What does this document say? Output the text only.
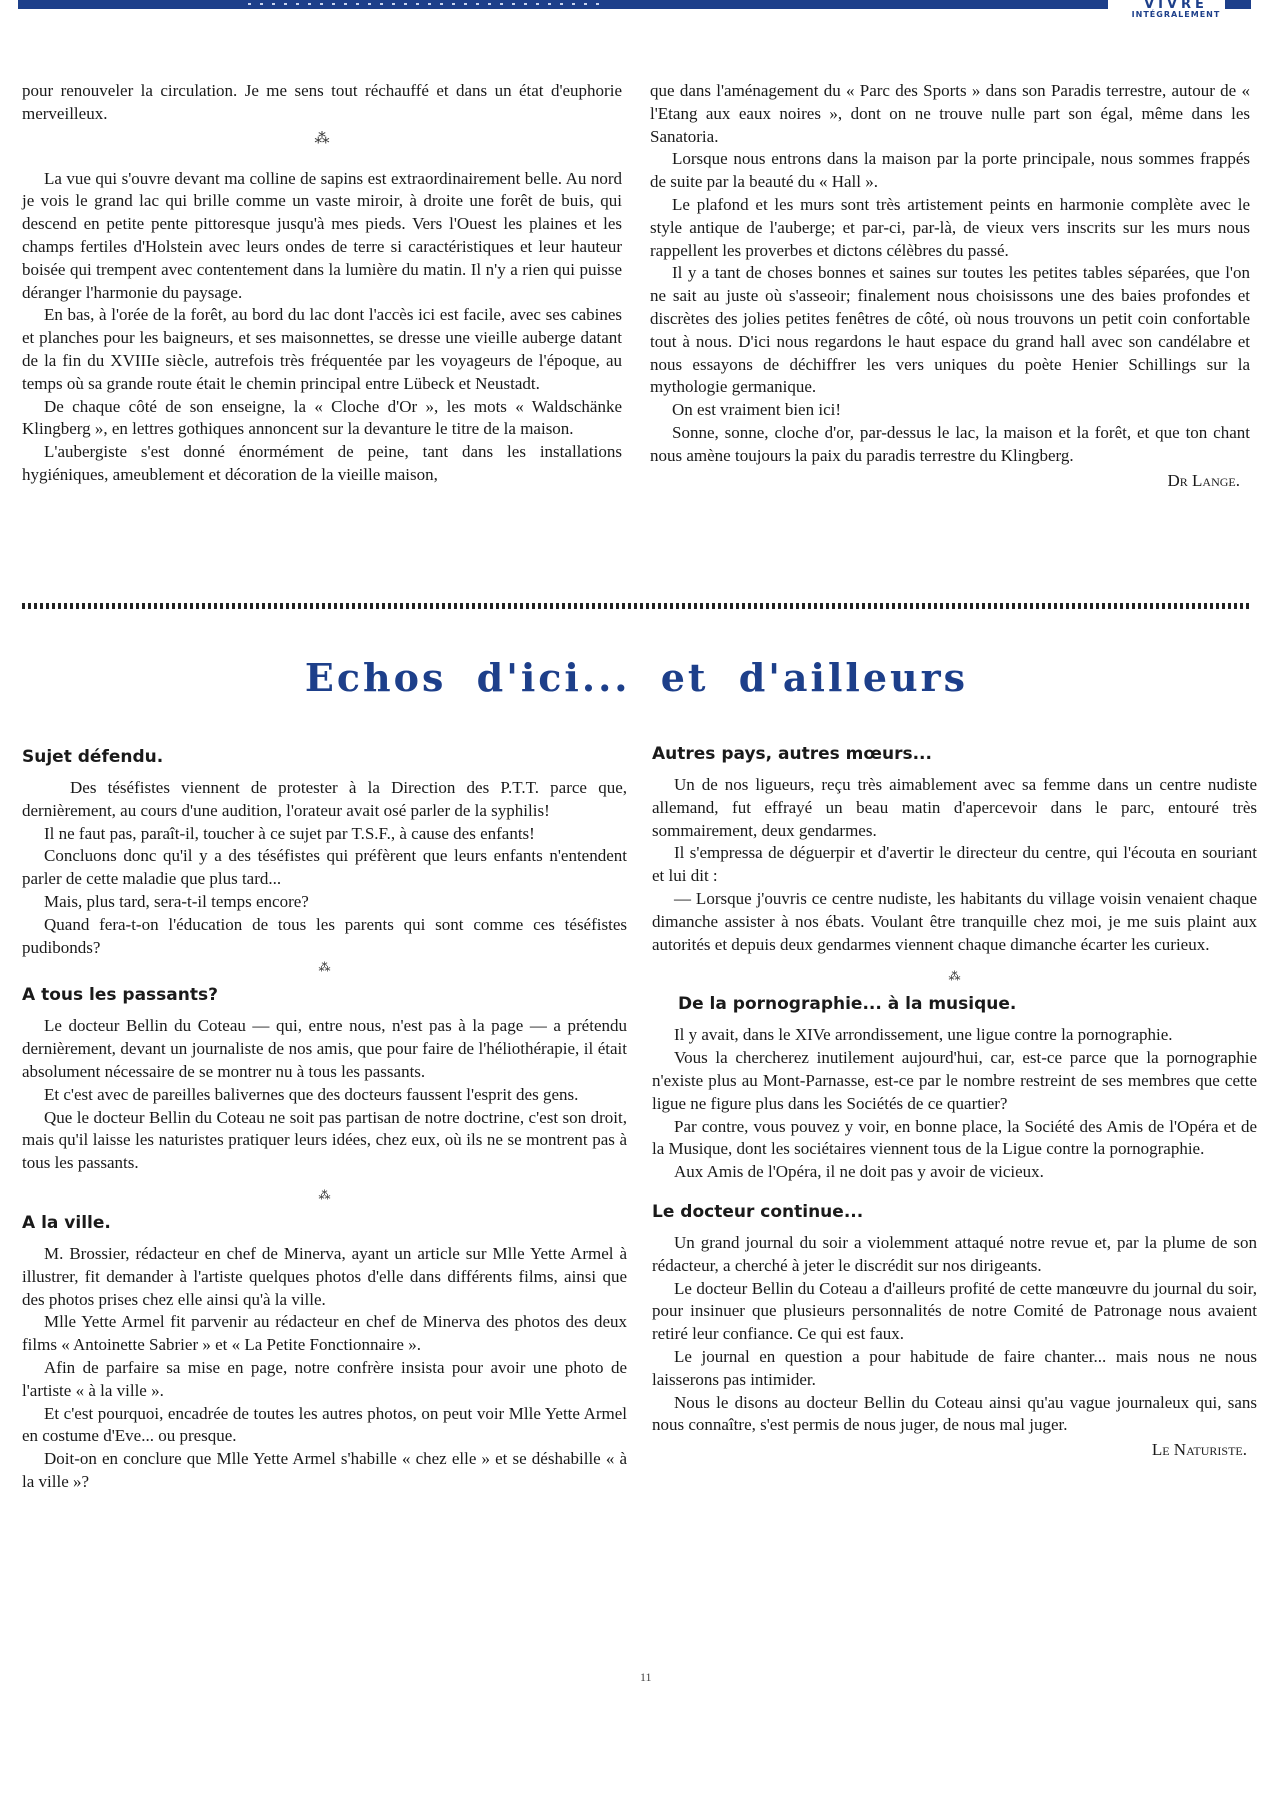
VIVRE
INTÉGRALEMENT

pour renouveler la circulation. Je me sens tout réchauffé et dans un état d'euphorie merveilleux.

⁂

La vue qui s'ouvre devant ma colline de sapins est extraordinairement belle. Au nord je vois le grand lac qui brille comme un vaste miroir, à droite une forêt de buis, qui descend en petite pente pittoresque jusqu'à mes pieds. Vers l'Ouest les plaines et les champs fertiles d'Holstein avec leurs ondes de terre si caractéristiques et leur hauteur boisée qui trempent avec contentement dans la lumière du matin. Il n'y a rien qui puisse déranger l'harmonie du paysage.

En bas, à l'orée de la forêt, au bord du lac dont l'accès ici est facile, avec ses cabines et planches pour les baigneurs, et ses maisonnettes, se dresse une vieille auberge datant de la fin du XVIIIe siècle, autrefois très fréquentée par les voyageurs de l'époque, au temps où sa grande route était le chemin principal entre Lübeck et Neustadt.

De chaque côté de son enseigne, la « Cloche d'Or », les mots « Waldschänke Klingberg », en lettres gothiques annoncent sur la devanture le titre de la maison.

L'aubergiste s'est donné énormément de peine, tant dans les installations hygiéniques, ameublement et décoration de la vieille maison,

que dans l'aménagement du « Parc des Sports » dans son Paradis terrestre, autour de « l'Etang aux eaux noires », dont on ne trouve nulle part son égal, même dans les Sanatoria.

Lorsque nous entrons dans la maison par la porte principale, nous sommes frappés de suite par la beauté du « Hall ».

Le plafond et les murs sont très artistement peints en harmonie complète avec le style antique de l'auberge; et par-ci, par-là, de vieux vers inscrits sur les murs nous rappellent les proverbes et dictons célèbres du passé.

Il y a tant de choses bonnes et saines sur toutes les petites tables séparées, que l'on ne sait au juste où s'asseoir; finalement nous choisissons une des baies profondes et discrètes des jolies petites fenêtres de côté, où nous trouvons un petit coin confortable tout à nous. D'ici nous regardons le haut espace du grand hall avec son candélabre et nous essayons de déchiffrer les vers uniques du poète Henier Schillings sur la mythologie germanique.

On est vraiment bien ici!

Sonne, sonne, cloche d'or, par-dessus le lac, la maison et la forêt, et que ton chant nous amène toujours la paix du paradis terrestre du Klingberg.

Dr Lange.
Echos d'ici... et d'ailleurs
Sujet défendu.

Des téséfistes viennent de protester à la Direction des P.T.T. parce que, dernièrement, au cours d'une audition, l'orateur avait osé parler de la syphilis!

Il ne faut pas, paraît-il, toucher à ce sujet par T.S.F., à cause des enfants!

Concluons donc qu'il y a des téséfistes qui préfèrent que leurs enfants n'entendent parler de cette maladie que plus tard...

Mais, plus tard, sera-t-il temps encore?

Quand fera-t-on l'éducation de tous les parents qui sont comme ces téséfistes pudibonds?

⁂
A tous les passants?

Le docteur Bellin du Coteau — qui, entre nous, n'est pas à la page — a prétendu dernièrement, devant un journaliste de nos amis, que pour faire de l'héliothérapie, il était absolument nécessaire de se montrer nu à tous les passants.

Et c'est avec de pareilles balivernes que des docteurs faussent l'esprit des gens.

Que le docteur Bellin du Coteau ne soit pas partisan de notre doctrine, c'est son droit, mais qu'il laisse les naturistes pratiquer leurs idées, chez eux, où ils ne se montrent pas à tous les passants.

⁂
A la ville.

M. Brossier, rédacteur en chef de Minerva, ayant un article sur Mlle Yette Armel à illustrer, fit demander à l'artiste quelques photos d'elle dans différents films, ainsi que des photos prises chez elle ainsi qu'à la ville.

Mlle Yette Armel fit parvenir au rédacteur en chef de Minerva des photos des deux films « Antoinette Sabrier » et « La Petite Fonctionnaire ».

Afin de parfaire sa mise en page, notre confrère insista pour avoir une photo de l'artiste « à la ville ».

Et c'est pourquoi, encadrée de toutes les autres photos, on peut voir Mlle Yette Armel en costume d'Eve... ou presque.

Doit-on en conclure que Mlle Yette Armel s'habille « chez elle » et se déshabille « à la ville »?

Autres pays, autres mœurs...

Un de nos ligueurs, reçu très aimablement avec sa femme dans un centre nudiste allemand, fut effrayé un beau matin d'apercevoir dans le parc, entouré très sommairement, deux gendarmes.

Il s'empressa de déguerpir et d'avertir le directeur du centre, qui l'écouta en souriant et lui dit :

— Lorsque j'ouvris ce centre nudiste, les habitants du village voisin venaient chaque dimanche assister à nos ébats. Voulant être tranquille chez moi, je me suis plaint aux autorités et depuis deux gendarmes viennent chaque dimanche écarter les curieux.

⁂
De la pornographie... à la musique.

Il y avait, dans le XIVe arrondissement, une ligue contre la pornographie.

Vous la chercherez inutilement aujourd'hui, car, est-ce parce que la pornographie n'existe plus au Mont-Parnasse, est-ce par le nombre restreint de ses membres que cette ligue ne figure plus dans les Sociétés de ce quartier?

Par contre, vous pouvez y voir, en bonne place, la Société des Amis de l'Opéra et de la Musique, dont les sociétaires viennent tous de la Ligue contre la pornographie.

Aux Amis de l'Opéra, il ne doit pas y avoir de vicieux.

Le docteur continue...

Un grand journal du soir a violemment attaqué notre revue et, par la plume de son rédacteur, a cherché à jeter le discrédit sur nos dirigeants.

Le docteur Bellin du Coteau a d'ailleurs profité de cette manœuvre du journal du soir, pour insinuer que plusieurs personnalités de notre Comité de Patronage nous avaient retiré leur confiance. Ce qui est faux.

Le journal en question a pour habitude de faire chanter... mais nous ne nous laisserons pas intimider.

Nous le disons au docteur Bellin du Coteau ainsi qu'au vague journaleux qui, sans nous connaître, s'est permis de nous juger, de nous mal juger.

Le Naturiste.
11
